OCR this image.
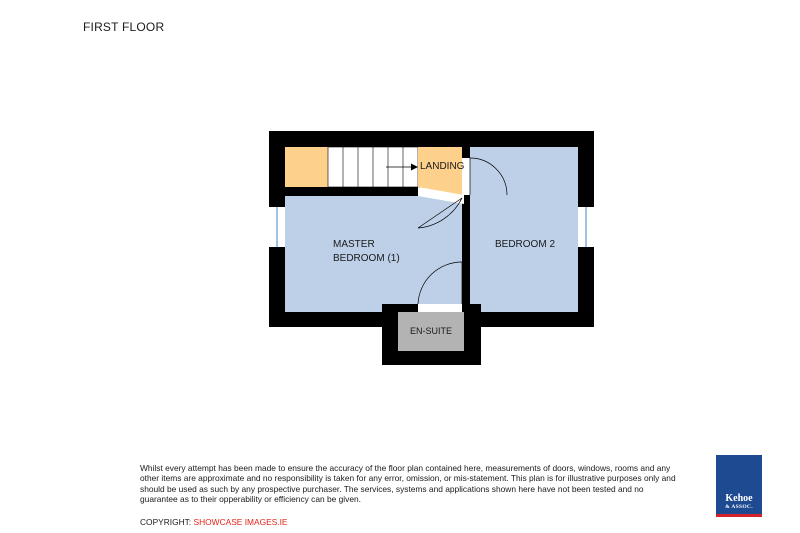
FIRST FLOOR
LANDING
MASTER
BEDROOM (1)
BEDROOM 2
EN-SUITE
Whilst every attempt has been made to ensure the accuracy of the floor plan contained here, measurements of doors, windows, rooms and any other items are approximate and no responsibility is taken for any error, omission, or mis-statement. This plan is for illustrative purposes only and should be used as such by any prospective purchaser. The services, systems and applications shown here have not been tested and no guarantee as to their opperability or efficiency can be given.
COPYRIGHT: SHOWCASE IMAGES.IE
Kehoe
& ASSOC.
